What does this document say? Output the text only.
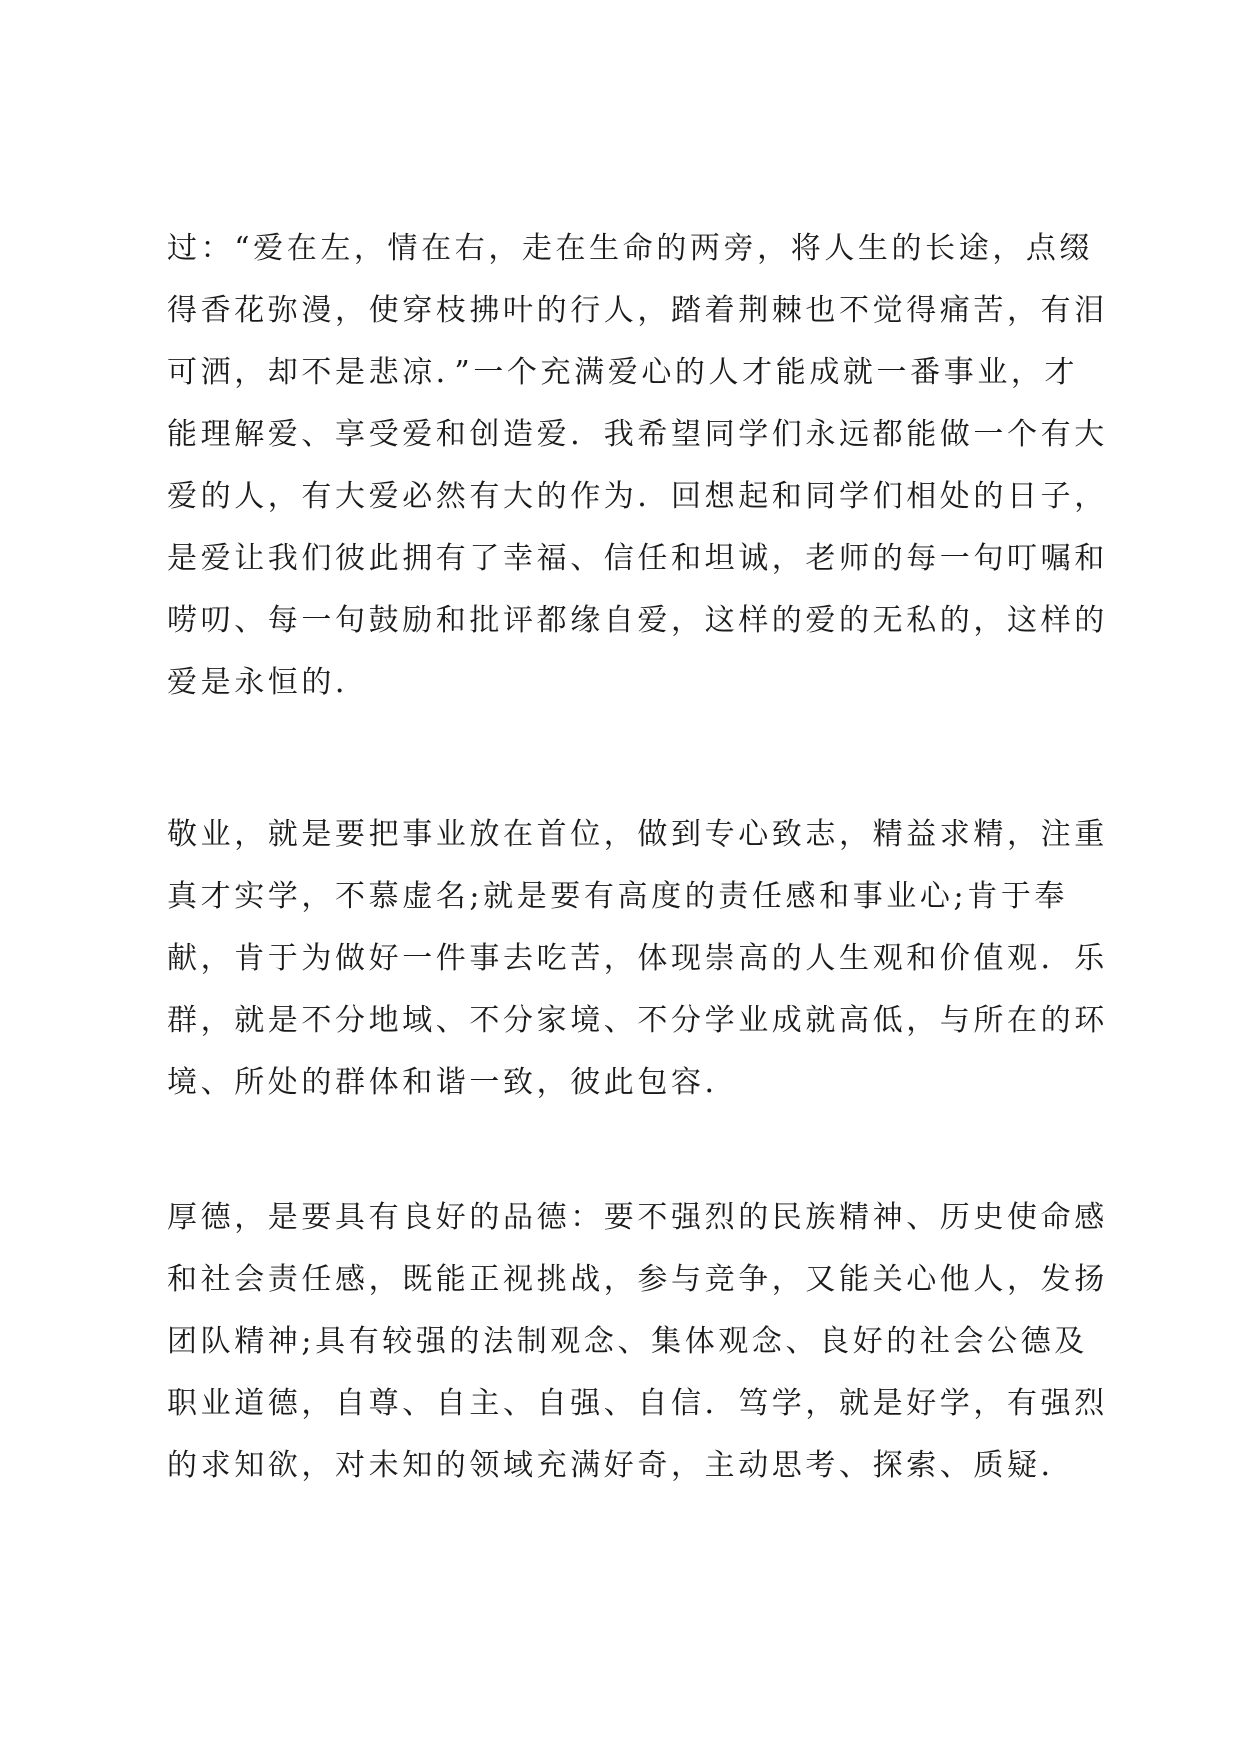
过：“爱在左，情在右，走在生命的两旁，将人生的长途，点缀
得香花弥漫，使穿枝拂叶的行人，踏着荆棘也不觉得痛苦，有泪
可洒，却不是悲凉．”一个充满爱心的人才能成就一番事业，才
能理解爱、享受爱和创造爱．我希望同学们永远都能做一个有大
爱的人，有大爱必然有大的作为．回想起和同学们相处的日子，
是爱让我们彼此拥有了幸福、信任和坦诚，老师的每一句叮嘱和
唠叨、每一句鼓励和批评都缘自爱，这样的爱的无私的，这样的
爱是永恒的．
敬业，就是要把事业放在首位，做到专心致志，精益求精，注重
真才实学，不慕虚名;就是要有高度的责任感和事业心;肯于奉
献，肯于为做好一件事去吃苦，体现崇高的人生观和价值观．乐
群，就是不分地域、不分家境、不分学业成就高低，与所在的环
境、所处的群体和谐一致，彼此包容．
厚德，是要具有良好的品德：要不强烈的民族精神、历史使命感
和社会责任感，既能正视挑战，参与竞争，又能关心他人，发扬
团队精神;具有较强的法制观念、集体观念、良好的社会公德及
职业道德，自尊、自主、自强、自信．笃学，就是好学，有强烈
的求知欲，对未知的领域充满好奇，主动思考、探索、质疑．
